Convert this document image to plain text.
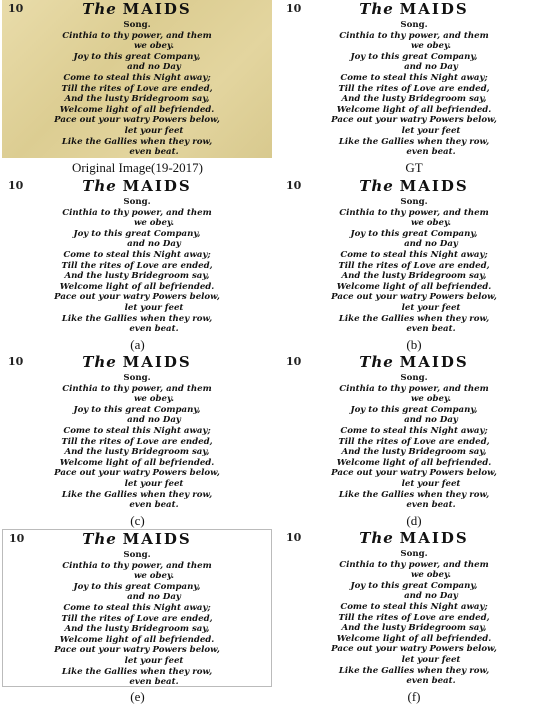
10

	The MAIDS
Song.
Cinthia to thy power, and them
we obey.
Joy to this great Company,
and no Day
Come to steal this Night away;
Till the rites of Love are ended,
And the lusty Bridegroom say,
Welcome light of all befriended.
Pace out your watry Powers below,
let your feet
Like the Gallies when they row,
even beat.
Original Image(19-2017)
10	The MAIDS
Song.
Cinthia to thy power, and them
we obey.
Joy to this great Company,
and no Day
Come to steal this Night away;
Till the rites of Love are ended,
And the lusty Bridegroom say,
Welcome light of all befriended.
Pace out your watry Powers below,
let your feet
Like the Gallies when they row,
even beat.
GT
10	The MAIDS
Song.
Cinthia to thy power, and them
we obey.
Joy to this great Company,
and no Day
Come to steal this Night away;
Till the rites of Love are ended,
And the lusty Bridegroom say,
Welcome light of all befriended.
Pace out your watry Powers below,
let your feet
Like the Gallies when they row,
even beat.
(a)
10	The MAIDS
Song.
Cinthia to thy power, and them
we obey.
Joy to this great Company,
and no Day
Come to steal this Night away;
Till the rites of Love are ended,
And the lusty Bridegroom say,
Welcome light of all befriended.
Pace out your watry Powers below,
let your feet
Like the Gallies when they row,
even beat.
(b)
10	The MAIDS
Song.
Cinthia to thy power, and them
we obey.
Joy to this great Company,
and no Day
Come to steal this Night away;
Till the rites of Love are ended,
And the lusty Bridegroom say,
Welcome light of all befriended.
Pace out your watry Powers below,
let your feet
Like the Gallies when they row,
even beat.
(c)
10	The MAIDS
Song.
Cinthia to thy power, and them
we obey.
Joy to this great Company,
and no Day
Come to steal this Night away;
Till the rites of Love are ended,
And the lusty Bridegroom say,
Welcome light of all befriended.
Pace out your watry Powers below,
let your feet
Like the Gallies when they row,
even beat.
(d)
10	The MAIDS
Song.
Cinthia to thy power, and them
we obey.
Joy to this great Company,
and no Day
Come to steal this Night away;
Till the rites of Love are ended,
And the lusty Bridegroom say,
Welcome light of all befriended.
Pace out your watry Powers below,
let your feet
Like the Gallies when they row,
even beat.
(e)
10	The MAIDS
Song.
Cinthia to thy power, and them
we obey.
Joy to this great Company,
and no Day
Come to steal this Night away;
Till the rites of Love are ended,
And the lusty Bridegroom say,
Welcome light of all befriended.
Pace out your watry Powers below,
let your feet
Like the Gallies when they row,
even beat.
(f)
